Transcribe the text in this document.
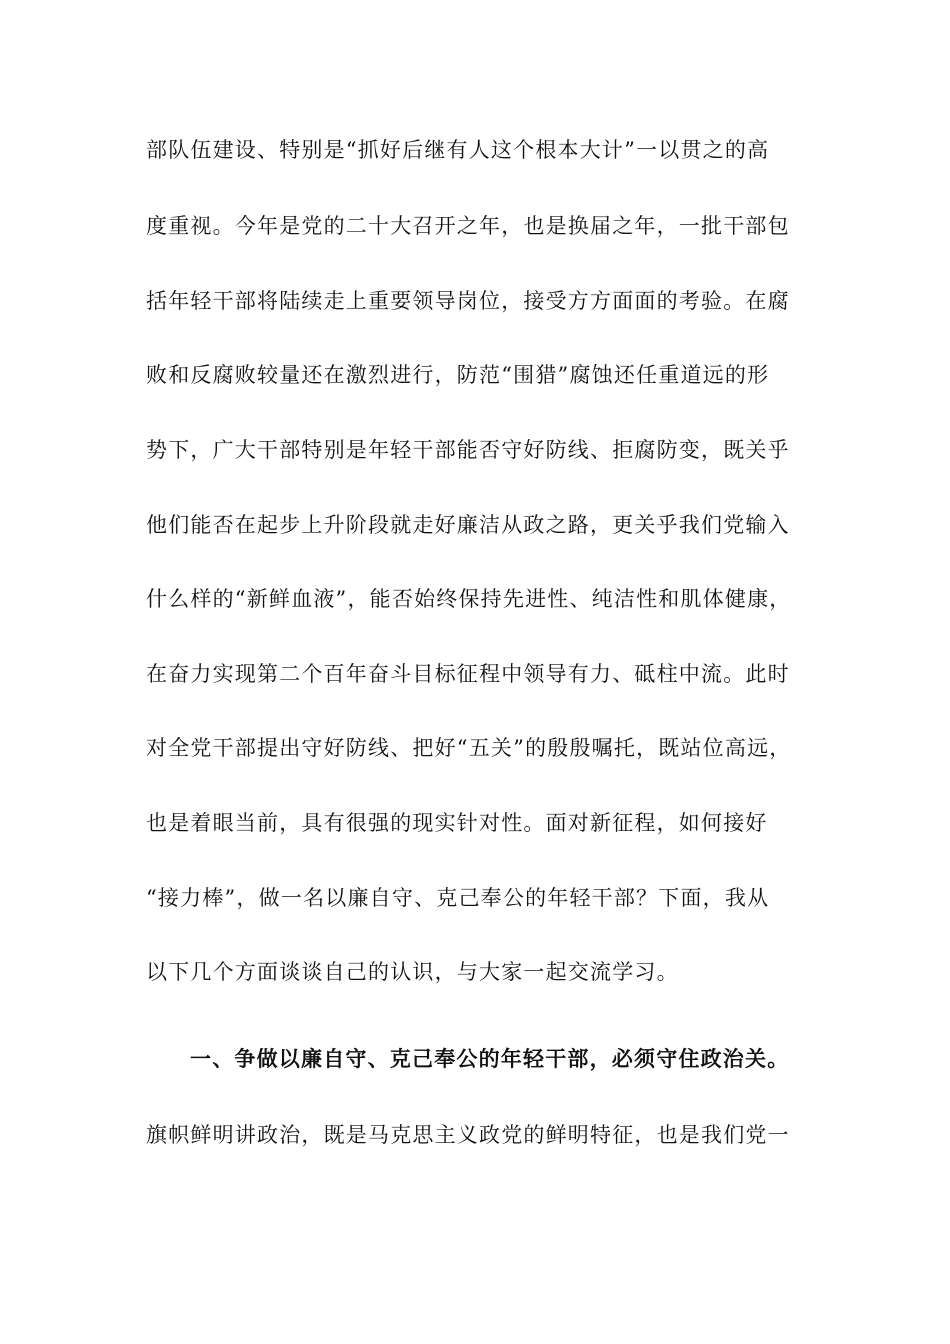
部队伍建设、特别是“抓好后继有人这个根本大计”一以贯之的高
度重视。今年是党的二十大召开之年，也是换届之年，一批干部包
括年轻干部将陆续走上重要领导岗位，接受方方面面的考验。在腐
败和反腐败较量还在激烈进行，防范“围猎”腐蚀还任重道远的形
势下，广大干部特别是年轻干部能否守好防线、拒腐防变，既关乎
他们能否在起步上升阶段就走好廉洁从政之路，更关乎我们党输入
什么样的“新鲜血液”，能否始终保持先进性、纯洁性和肌体健康，
在奋力实现第二个百年奋斗目标征程中领导有力、砥柱中流。此时
对全党干部提出守好防线、把好“五关”的殷殷嘱托，既站位高远，
也是着眼当前，具有很强的现实针对性。面对新征程，如何接好
“接力棒”，做一名以廉自守、克己奉公的年轻干部？下面，我从
以下几个方面谈谈自己的认识，与大家一起交流学习。
一、争做以廉自守、克己奉公的年轻干部，必须守住政治关。
旗帜鲜明讲政治，既是马克思主义政党的鲜明特征，也是我们党一
